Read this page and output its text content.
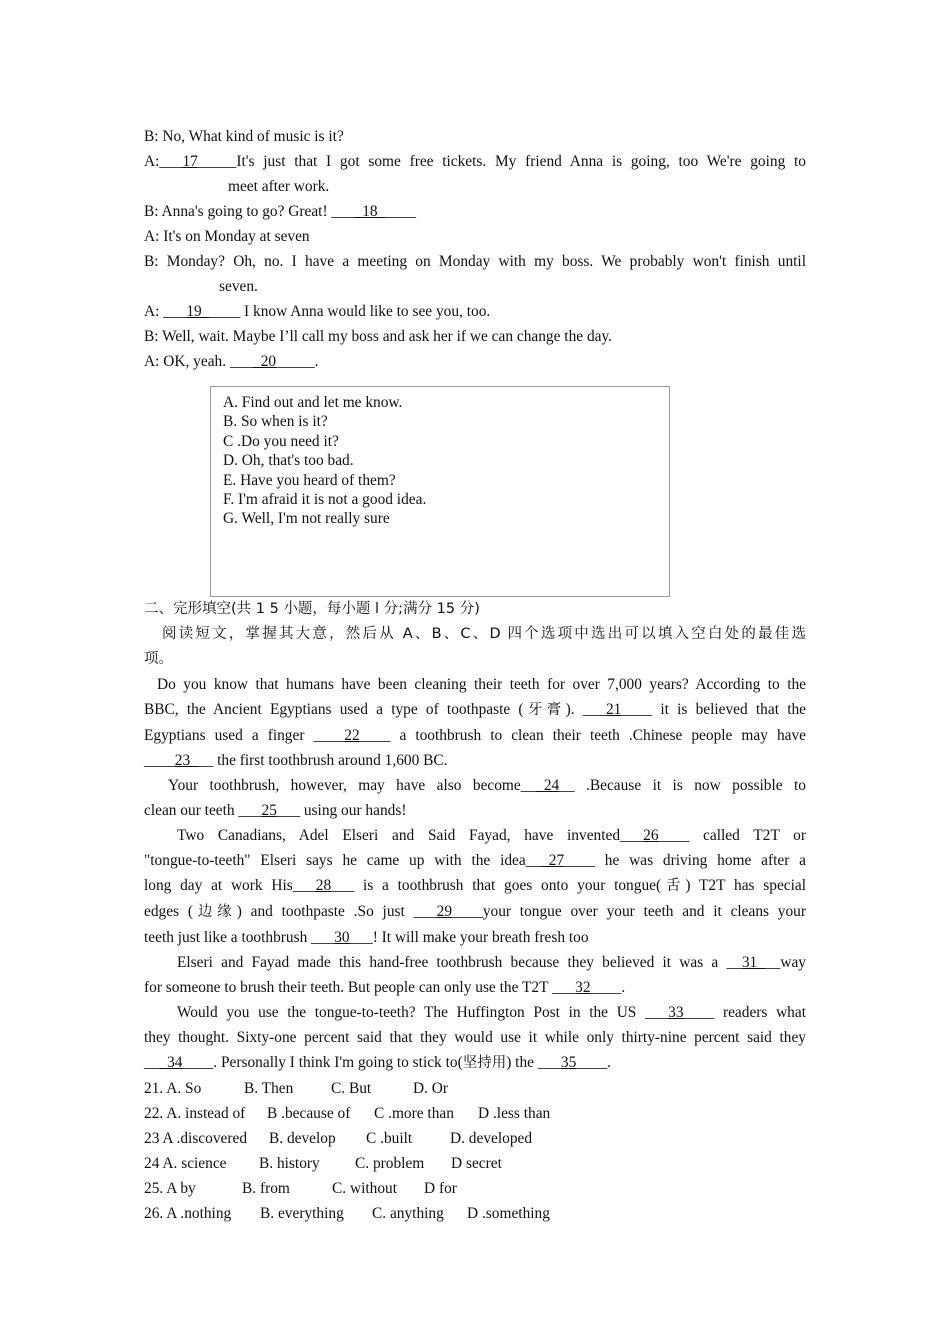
B: No, What kind of music is it?
A:___17_____It's just that I got some free tickets. My friend Anna is going, too We're going to
meet after work.
B: Anna's going to go? Great! ____18_____
A: It's on Monday at seven
B: Monday? Oh, no. I have a meeting on Monday with my boss. We probably won't finish until
seven.
A: ___19_____ I know Anna would like to see you, too.
B: Well, wait. Maybe I’ll call my boss and ask her if we can change the day.
A: OK, yeah. ____20_____.
A. Find out and let me know.
B. So when is it?
C .Do you need it?
D. Oh, that's too bad.
E. Have you heard of them?
F. I'm afraid it is not a good idea.
G. Well, I'm not really sure
二、完形填空(共 1 5 小题，每小题 l 分;满分 15 分)
阅读短文，掌握其大意，然后从 A、B、C、D 四个选项中选出可以填入空白处的最佳选
项。
Do you know that humans have been cleaning their teeth for over 7,000 years? According to the
BBC, the Ancient Egyptians used a type of toothpaste (牙膏). ___21____ it is believed that the
Egyptians used a finger ____22____ a toothbrush to clean their teeth .Chinese people may have
____23___ the first toothbrush around 1,600 BC.
Your toothbrush, however, may have also become___24__ .Because it is now possible to
clean our teeth ___25___ using our hands!
Two Canadians, Adel Elseri and Said Fayad, have invented___26____ called T2T or
"tongue-to-teeth" Elseri says he came up with the idea___27____ he was driving home after a
long day at work His___28___ is a toothbrush that goes onto your tongue(舌) T2T has special
edges (边缘) and toothpaste .So just ___29____your tongue over your teeth and it cleans your
teeth just like a toothbrush ___30___! It will make your breath fresh too
Elseri and Fayad made this hand-free toothbrush because they believed it was a __31___way
for someone to brush their teeth. But people can only use the T2T ___32____.
Would you use the tongue-to-teeth? The Huffington Post in the US ___33____ readers what
they thought. Sixty-one percent said that they would use it while only thirty-nine percent said they
___34____. Personally I think I'm going to stick to(坚持用) the ___35____.
21. A. So	B. Then C. But	D. Or
22. A. instead of B .because of C .more than D .less than
23 A .discovered B. develop C .built D. developed
24 A. science B. history C. problem D secret
25. A by	B. from	C. without D for
26. A .nothing B. everything C. anything D .something
